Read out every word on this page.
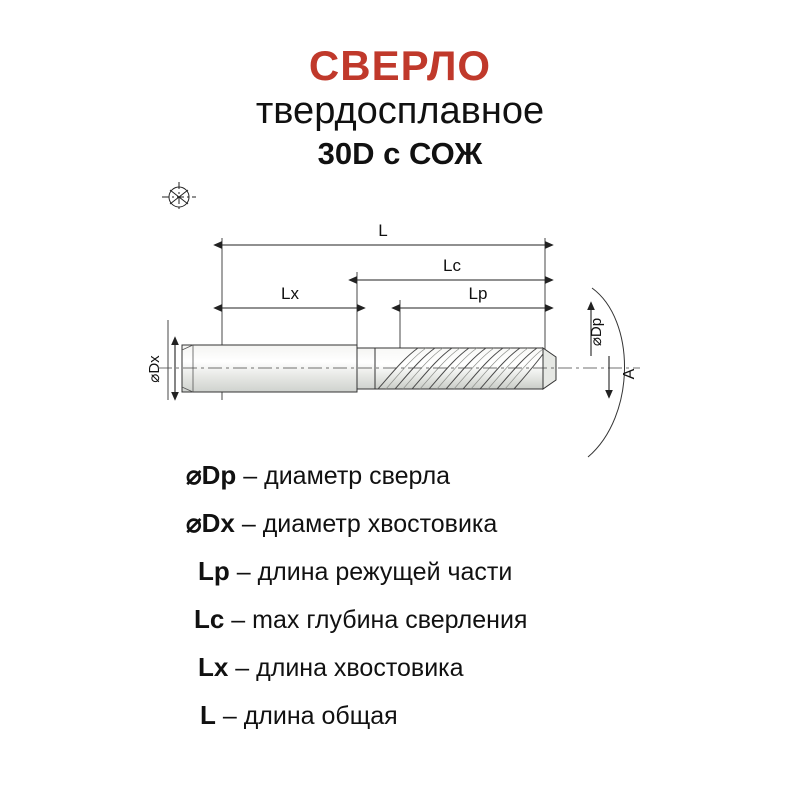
СВЕРЛО
твердосплавное
30D с СОЖ
L
Lc
Lx	Lp
⌀Dx
⌀Dp
A
⌀Dp – диаметр сверла
⌀Dx – диаметр хвостовика
Lp – длина режущей части
Lc – max глубина сверления
Lx – длина хвостовика
L – длина общая
